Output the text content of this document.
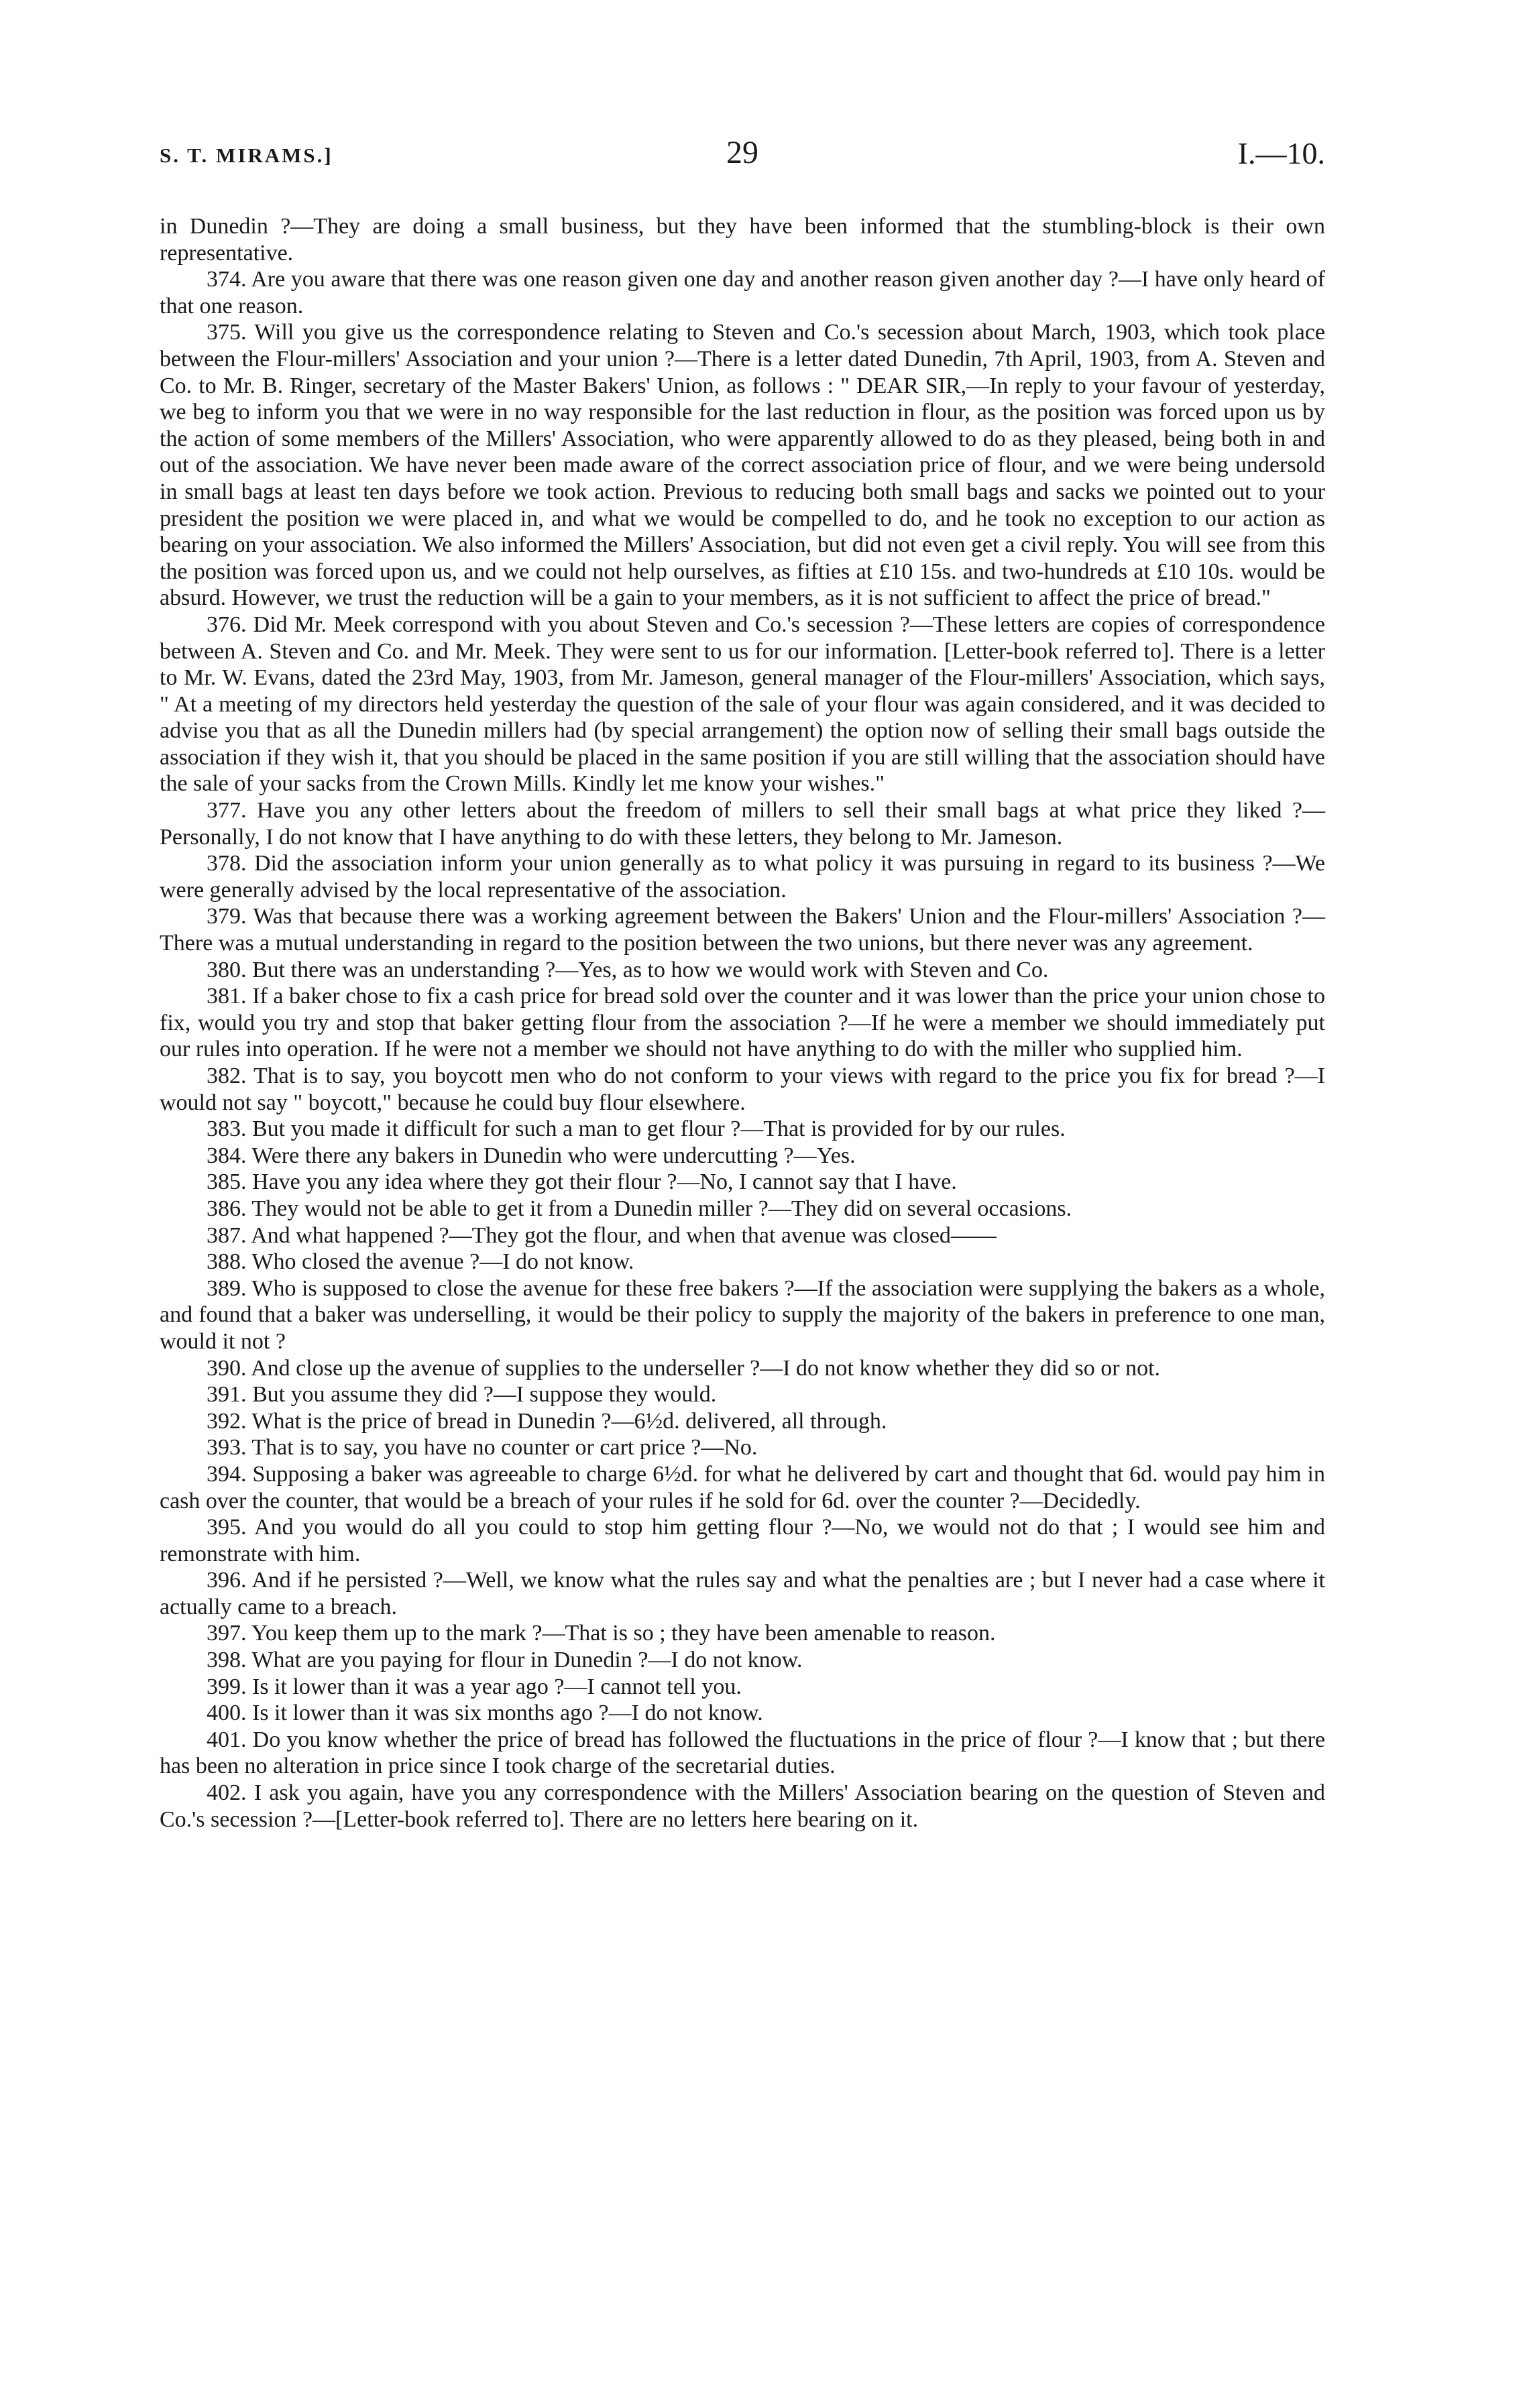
S. T. MIRAMS.]	29	I.—10.

in Dunedin ?—They are doing a small business, but they have been informed that the stumbling-block is their own representative.

374. Are you aware that there was one reason given one day and another reason given another day ?—I have only heard of that one reason.

375. Will you give us the correspondence relating to Steven and Co.'s secession about March, 1903, which took place between the Flour-millers' Association and your union ?—There is a letter dated Dunedin, 7th April, 1903, from A. Steven and Co. to Mr. B. Ringer, secretary of the Master Bakers' Union, as follows : " DEAR SIR,—In reply to your favour of yesterday, we beg to inform you that we were in no way responsible for the last reduction in flour, as the position was forced upon us by the action of some members of the Millers' Association, who were apparently allowed to do as they pleased, being both in and out of the association. We have never been made aware of the correct association price of flour, and we were being undersold in small bags at least ten days before we took action. Previous to reducing both small bags and sacks we pointed out to your president the position we were placed in, and what we would be compelled to do, and he took no exception to our action as bearing on your association. We also informed the Millers' Association, but did not even get a civil reply. You will see from this the position was forced upon us, and we could not help ourselves, as fifties at £10 15s. and two-hundreds at £10 10s. would be absurd. However, we trust the reduction will be a gain to your members, as it is not sufficient to affect the price of bread."

376. Did Mr. Meek correspond with you about Steven and Co.'s secession ?—These letters are copies of correspondence between A. Steven and Co. and Mr. Meek. They were sent to us for our information. [Letter-book referred to]. There is a letter to Mr. W. Evans, dated the 23rd May, 1903, from Mr. Jameson, general manager of the Flour-millers' Association, which says, " At a meeting of my directors held yesterday the question of the sale of your flour was again considered, and it was decided to advise you that as all the Dunedin millers had (by special arrangement) the option now of selling their small bags outside the association if they wish it, that you should be placed in the same position if you are still willing that the association should have the sale of your sacks from the Crown Mills. Kindly let me know your wishes."

377. Have you any other letters about the freedom of millers to sell their small bags at what price they liked ?—Personally, I do not know that I have anything to do with these letters, they belong to Mr. Jameson.

378. Did the association inform your union generally as to what policy it was pursuing in regard to its business ?—We were generally advised by the local representative of the association.

379. Was that because there was a working agreement between the Bakers' Union and the Flour-millers' Association ?—There was a mutual understanding in regard to the position between the two unions, but there never was any agreement.

380. But there was an understanding ?—Yes, as to how we would work with Steven and Co.

381. If a baker chose to fix a cash price for bread sold over the counter and it was lower than the price your union chose to fix, would you try and stop that baker getting flour from the association ?—If he were a member we should immediately put our rules into operation. If he were not a member we should not have anything to do with the miller who supplied him.

382. That is to say, you boycott men who do not conform to your views with regard to the price you fix for bread ?—I would not say " boycott," because he could buy flour elsewhere.

383. But you made it difficult for such a man to get flour ?—That is provided for by our rules.

384. Were there any bakers in Dunedin who were undercutting ?—Yes.

385. Have you any idea where they got their flour ?—No, I cannot say that I have.

386. They would not be able to get it from a Dunedin miller ?—They did on several occasions.

387. And what happened ?—They got the flour, and when that avenue was closed——

388. Who closed the avenue ?—I do not know.

389. Who is supposed to close the avenue for these free bakers ?—If the association were supplying the bakers as a whole, and found that a baker was underselling, it would be their policy to supply the majority of the bakers in preference to one man, would it not ?

390. And close up the avenue of supplies to the underseller ?—I do not know whether they did so or not.

391. But you assume they did ?—I suppose they would.

392. What is the price of bread in Dunedin ?—6½d. delivered, all through.

393. That is to say, you have no counter or cart price ?—No.

394. Supposing a baker was agreeable to charge 6½d. for what he delivered by cart and thought that 6d. would pay him in cash over the counter, that would be a breach of your rules if he sold for 6d. over the counter ?—Decidedly.

395. And you would do all you could to stop him getting flour ?—No, we would not do that ; I would see him and remonstrate with him.

396. And if he persisted ?—Well, we know what the rules say and what the penalties are ; but I never had a case where it actually came to a breach.

397. You keep them up to the mark ?—That is so ; they have been amenable to reason.

398. What are you paying for flour in Dunedin ?—I do not know.

399. Is it lower than it was a year ago ?—I cannot tell you.

400. Is it lower than it was six months ago ?—I do not know.

401. Do you know whether the price of bread has followed the fluctuations in the price of flour ?—I know that ; but there has been no alteration in price since I took charge of the secretarial duties.

402. I ask you again, have you any correspondence with the Millers' Association bearing on the question of Steven and Co.'s secession ?—[Letter-book referred to]. There are no letters here bearing on it.
